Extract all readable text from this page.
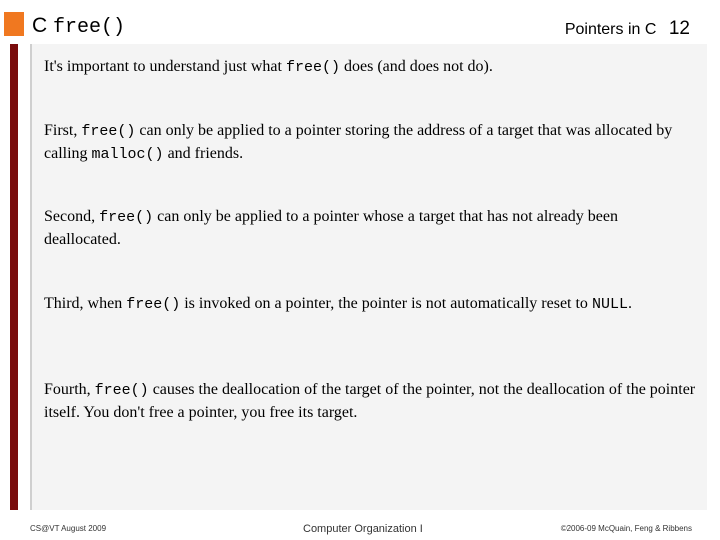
C free()	Pointers in C 12

It's important to understand just what free() does (and does not do).

First, free() can only be applied to a pointer storing the address of a target that was allocated by calling malloc() and friends.

Second, free() can only be applied to a pointer whose a target that has not already been deallocated.

Third, when free() is invoked on a pointer, the pointer is not automatically reset to NULL.

Fourth, free() causes the deallocation of the target of the pointer, not the deallocation of the pointer itself. You don't free a pointer, you free its target.

CS@VT August 2009	Computer Organization I	©2006-09 McQuain, Feng & Ribbens
